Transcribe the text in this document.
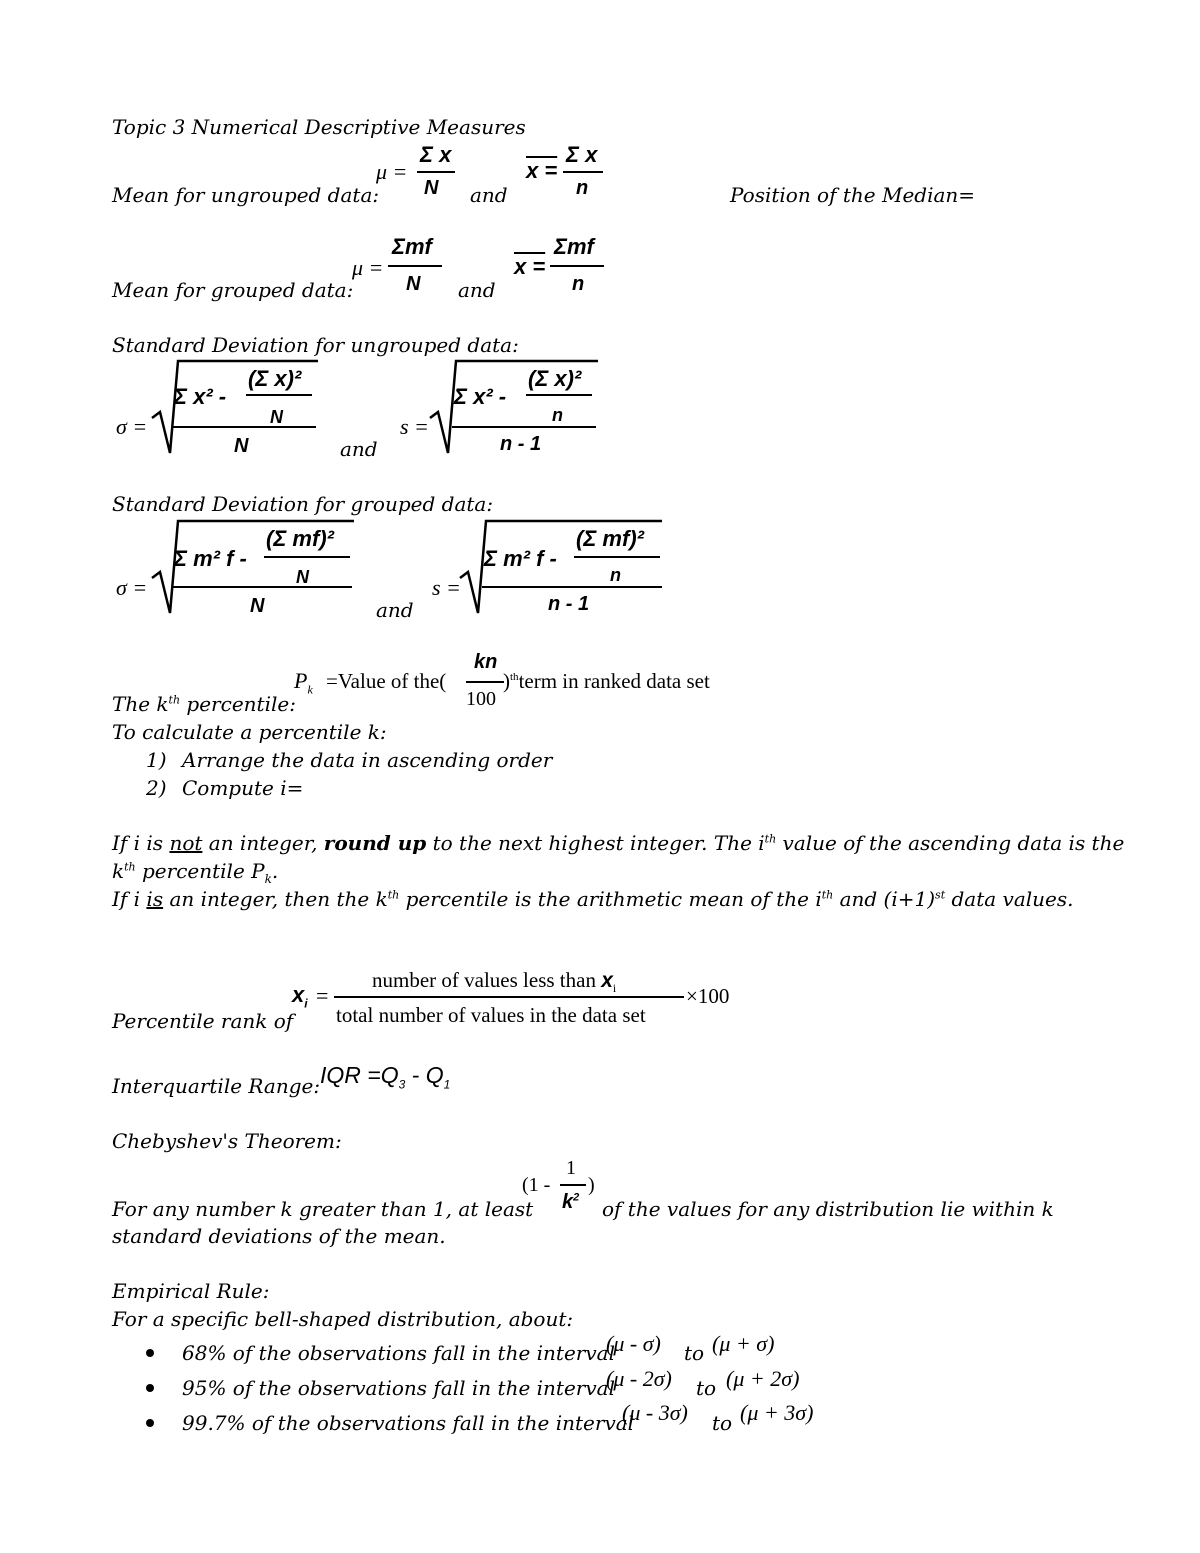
Topic 3 Numerical Descriptive Measures
Mean for ungrouped data:
μ =
Σ x
N and
x =
Σ x
n	Position of the Median=
Mean for grouped data:
μ =
Σmf
N and
x =
Σmf
n
Standard Deviation for ungrouped data:
σ =
Σ x² -
(Σ x)²
N
N	and
s =
Σ x² -
(Σ x)²
n
n - 1
Standard Deviation for grouped data:
σ =
Σ m² f -
(Σ mf)²
N
N	and
s =
Σ m² f -
(Σ mf)²
n
n - 1
The $k^{th}$ percentile:
$P_k$ =Value of the(
kn
100
)$^{th}$term in ranked data set
To calculate a percentile k:
1) Arrange the data in ascending order
2) Compute i=
If i is not an integer, round up to the next highest integer. The $i^{th}$ value of the ascending data is the
$k^{th}$ percentile $P_k$.
If i is an integer, then the $k^{th}$ percentile is the arithmetic mean of the $i^{th}$ and $(i+1)^{st}$ data values.
Percentile rank of
$x_i$ =
number of values less than $x_i$
total number of values in the data set
×100
Interquartile Range: IQR $=Q_3 - Q_1$
Chebyshev's Theorem:
For any number k greater than 1, at least
(1 -
1
$k^2$
)
of the values for any distribution lie within k
standard deviations of the mean.
Empirical Rule:
For a specific bell-shaped distribution, about:
68% of the observations fall in the interval
(μ - σ) to (μ + σ)
95% of the observations fall in the interval
(μ - 2σ) to (μ + 2σ)
99.7% of the observations fall in the interval
(μ - 3σ) to (μ + 3σ)
